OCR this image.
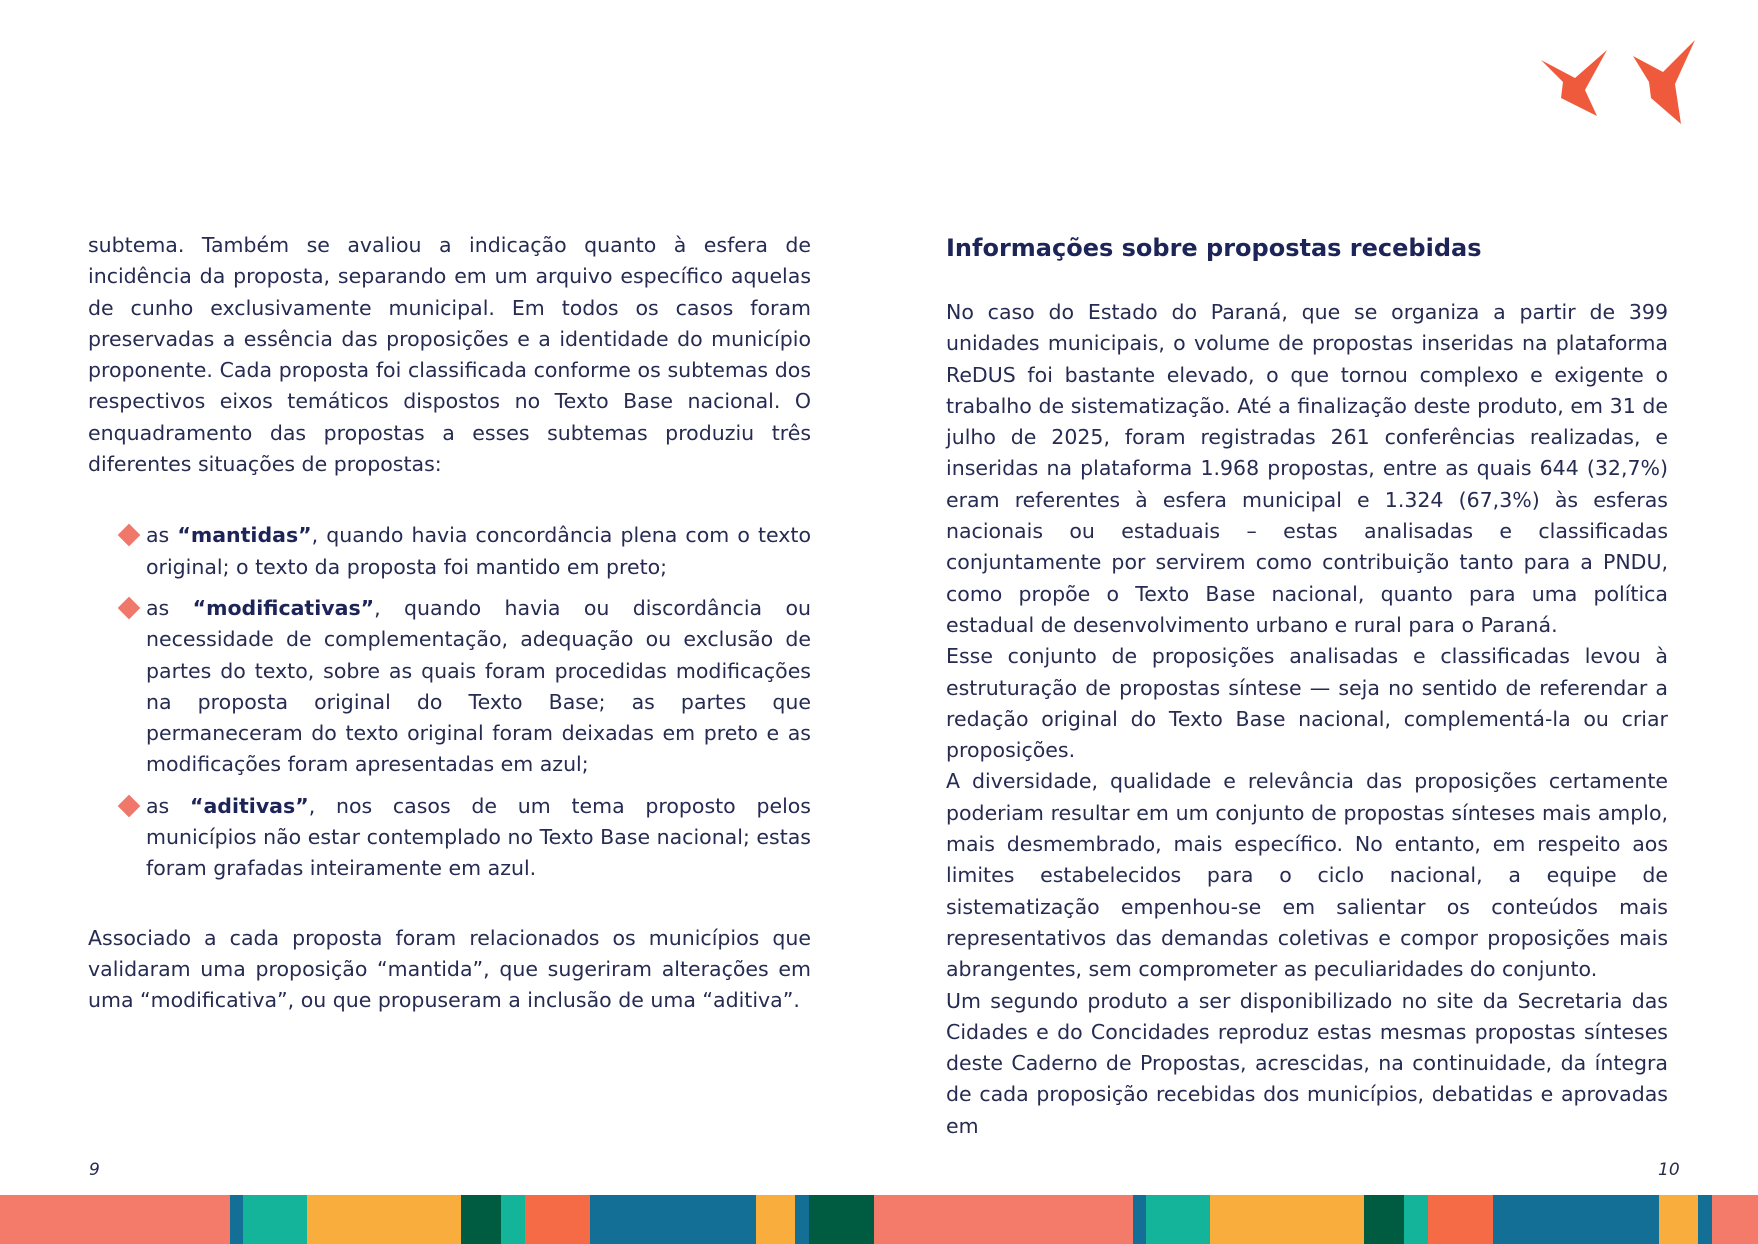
subtema. Também se avaliou a indicação quanto à esfera de incidência da proposta, separando em um arquivo específico aquelas de cunho exclusivamente municipal. Em todos os casos foram preservadas a essência das proposições e a identidade do município proponente. Cada proposta foi classificada conforme os subtemas dos respectivos eixos temáticos dispostos no Texto Base nacional. O enquadramento das propostas a esses subtemas produziu três diferentes situações de propostas:

as “mantidas”, quando havia concordância plena com o texto original; o texto da proposta foi mantido em preto;
as “modificativas”, quando havia ou discordância ou necessidade de complementação, adequação ou exclusão de partes do texto, sobre as quais foram procedidas modificações na proposta original do Texto Base; as partes que permaneceram do texto original foram deixadas em preto e as modificações foram apresentadas em azul;
as “aditivas”, nos casos de um tema proposto pelos municípios não estar contemplado no Texto Base nacional; estas foram grafadas inteiramente em azul.

Associado a cada proposta foram relacionados os municípios que validaram uma proposição “mantida”, que sugeriram alterações em uma “modificativa”, ou que propuseram a inclusão de uma “aditiva”.

9
Informações sobre propostas recebidas

No caso do Estado do Paraná, que se organiza a partir de 399 unidades municipais, o volume de propostas inseridas na plataforma ReDUS foi bastante elevado, o que tornou complexo e exigente o trabalho de sistematização. Até a finalização deste produto, em 31 de julho de 2025, foram registradas 261 conferências realizadas, e inseridas na plataforma 1.968 propostas, entre as quais 644 (32,7%) eram referentes à esfera municipal e 1.324 (67,3%) às esferas nacionais ou estaduais – estas analisadas e classificadas conjuntamente por servirem como contribuição tanto para a PNDU, como propõe o Texto Base nacional, quanto para uma política estadual de desenvolvimento urbano e rural para o Paraná.

Esse conjunto de proposições analisadas e classificadas levou à estruturação de propostas síntese — seja no sentido de referendar a redação original do Texto Base nacional, complementá-la ou criar proposições.

A diversidade, qualidade e relevância das proposições certamente poderiam resultar em um conjunto de propostas sínteses mais amplo, mais desmembrado, mais específico. No entanto, em respeito aos limites estabelecidos para o ciclo nacional, a equipe de sistematização empenhou-se em salientar os conteúdos mais representativos das demandas coletivas e compor proposições mais abrangentes, sem comprometer as peculiaridades do conjunto.

Um segundo produto a ser disponibilizado no site da Secretaria das Cidades e do Concidades reproduz estas mesmas propostas sínteses deste Caderno de Propostas, acrescidas, na continuidade, da íntegra de cada proposição recebidas dos municípios, debatidas e aprovadas em

10
